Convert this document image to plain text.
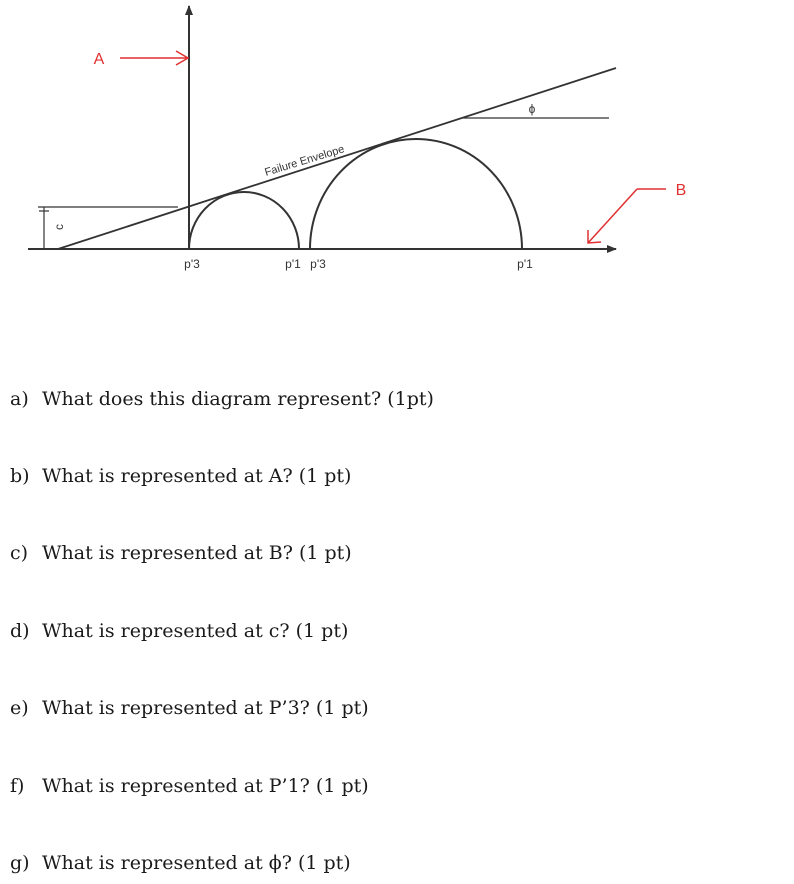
Failure Envelope
c
ϕ
p'3	p'1 p'3	p'1
A
B
a) What does this diagram represent? (1pt)
b) What is represented at A? (1 pt)
c) What is represented at B? (1 pt)
d) What is represented at c? (1 pt)
e) What is represented at P’3? (1 pt)
f) What is represented at P’1? (1 pt)
g) What is represented at ϕ? (1 pt)
